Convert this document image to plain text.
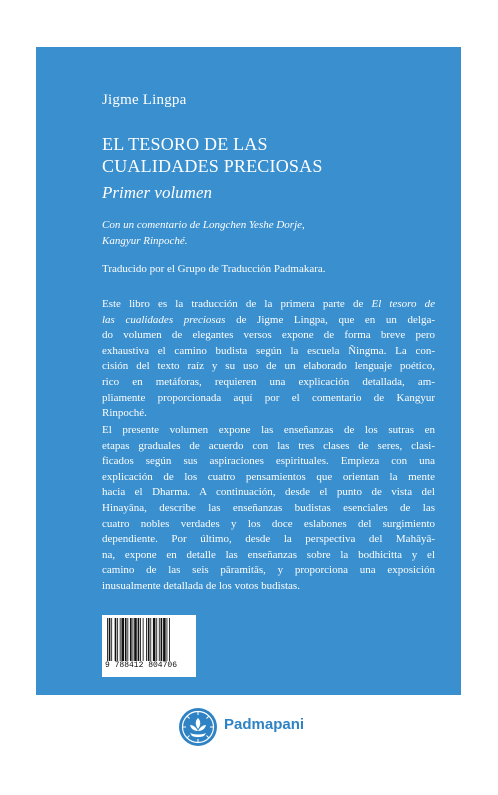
Jigme Lingpa
EL TESORO DE LAS
CUALIDADES PRECIOSAS
Primer volumen
Con un comentario de Longchen Yeshe Dorje,
Kangyur Rinpoché.
Traducido por el Grupo de Traducción Padmakara.
Este libro es la traducción de la primera parte de El tesoro de
las cualidades preciosas de Jigme Lingpa, que en un delga-
do volumen de elegantes versos expone de forma breve pero
exhaustiva el camino budista según la escuela Ñingma. La con-
cisión del texto raíz y su uso de un elaborado lenguaje poético,
rico en metáforas, requieren una explicación detallada, am-
pliamente proporcionada aquí por el comentario de Kangyur
Rinpoché.
El presente volumen expone las enseñanzas de los sutras en
etapas graduales de acuerdo con las tres clases de seres, clasi-
ficados según sus aspiraciones espirituales. Empieza con una
explicación de los cuatro pensamientos que orientan la mente
hacia el Dharma. A continuación, desde el punto de vista del
Hinayāna, describe las enseñanzas budistas esenciales de las
cuatro nobles verdades y los doce eslabones del surgimiento
dependiente. Por último, desde la perspectiva del Mahāyā-
na, expone en detalle las enseñanzas sobre la bodhicitta y el
camino de las seis pāramitās, y proporciona una exposición
inusualmente detallada de los votos budistas.
9 788412 804706
Padmapani
